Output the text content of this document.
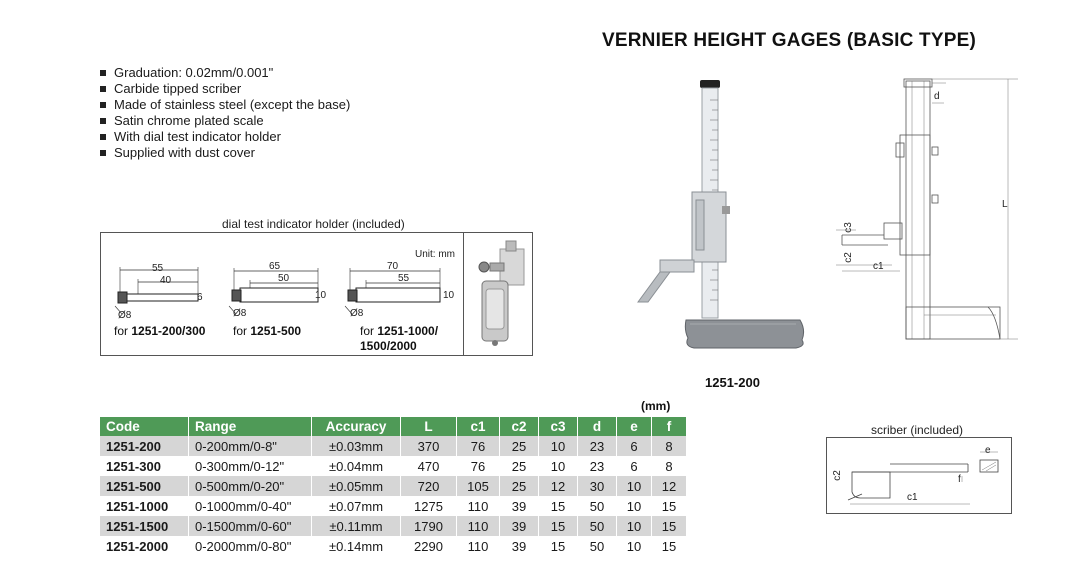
VERNIER HEIGHT GAGES (BASIC TYPE)
Graduation: 0.02mm/0.001"
Carbide tipped scriber
Made of stainless steel (except the base)
Satin chrome plated scale
With dial test indicator holder
Supplied with dust cover
dial test indicator holder (included)
Unit: mm
55
40
6
Ø8
for 1251-200/300
65
50
10
Ø8
for 1251-500
70
55
10
Ø8
for 1251-1000/
1500/2000
1251-200
d
L
c1
c2
c3
(mm)
Code	Range	Accuracy	L	c1	c2	c3	d	e	f
1251-200	0-200mm/0-8"	±0.03mm	370	76	25	10	23	6	8
1251-300	0-300mm/0-12"	±0.04mm	470	76	25	10	23	6	8
1251-500	0-500mm/0-20"	±0.05mm	720	105	25	12	30	10	12
1251-1000	0-1000mm/0-40"	±0.07mm	1275	110	39	15	50	10	15
1251-1500	0-1500mm/0-60"	±0.11mm	1790	110	39	15	50	10	15
1251-2000	0-2000mm/0-80"	±0.14mm	2290	110	39	15	50	10	15
scriber (included)
c1
c2
e
f
